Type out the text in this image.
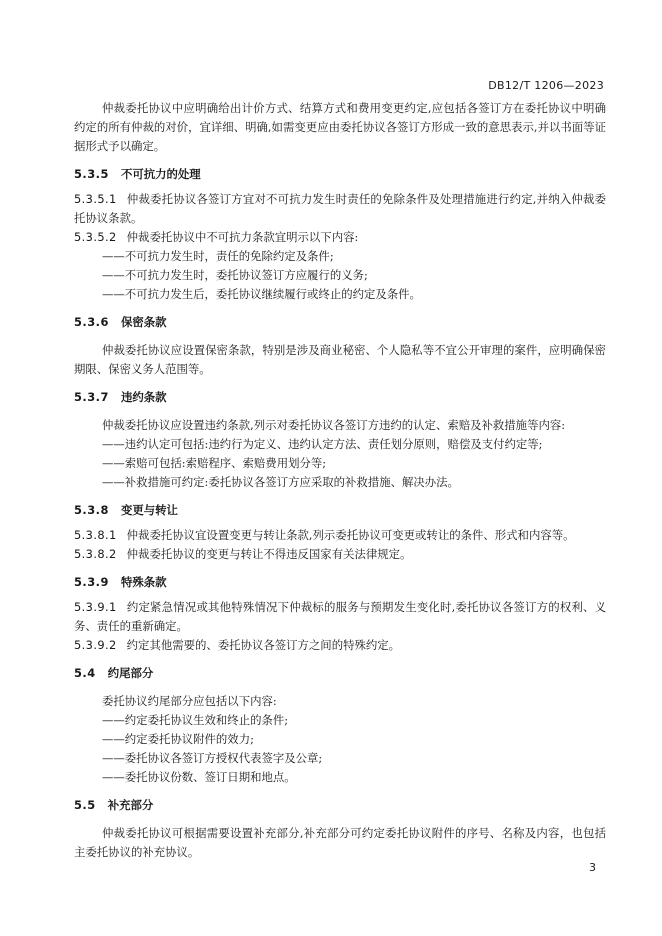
DB12/T 1206—2023

仲裁委托协议中应明确给出计价方式、结算方式和费用变更约定,应包括各签订方在委托协议中明确约定的所有仲裁的对价，宜详细、明确,如需变更应由委托协议各签订方形成一致的意思表示,并以书面等证据形式予以确定。

5.3.5 不可抗力的处理

5.3.5.1 仲裁委托协议各签订方宜对不可抗力发生时责任的免除条件及处理措施进行约定,并纳入仲裁委托协议条款。

5.3.5.2 仲裁委托协议中不可抗力条款宜明示以下内容:

——不可抗力发生时，责任的免除约定及条件;

——不可抗力发生时，委托协议签订方应履行的义务;

——不可抗力发生后，委托协议继续履行或终止的约定及条件。

5.3.6 保密条款

仲裁委托协议应设置保密条款，特别是涉及商业秘密、个人隐私等不宜公开审理的案件，应明确保密期限、保密义务人范围等。

5.3.7 违约条款

仲裁委托协议应设置违约条款,列示对委托协议各签订方违约的认定、索赔及补救措施等内容:

——违约认定可包括:违约行为定义、违约认定方法、责任划分原则，赔偿及支付约定等;

——索赔可包括:索赔程序、索赔费用划分等;

——补救措施可约定:委托协议各签订方应采取的补救措施、解决办法。

5.3.8 变更与转让

5.3.8.1 仲裁委托协议宜设置变更与转让条款,列示委托协议可变更或转让的条件、形式和内容等。

5.3.8.2 仲裁委托协议的变更与转让不得违反国家有关法律规定。

5.3.9 特殊条款

5.3.9.1 约定紧急情况或其他特殊情况下仲裁标的服务与预期发生变化时,委托协议各签订方的权利、义务、责任的重新确定。

5.3.9.2 约定其他需要的、委托协议各签订方之间的特殊约定。

5.4 约尾部分

委托协议约尾部分应包括以下内容:

——约定委托协议生效和终止的条件;

——约定委托协议附件的效力;

——委托协议各签订方授权代表签字及公章;

——委托协议份数、签订日期和地点。

5.5 补充部分

仲裁委托协议可根据需要设置补充部分,补充部分可约定委托协议附件的序号、名称及内容，也包括主委托协议的补充协议。

3
